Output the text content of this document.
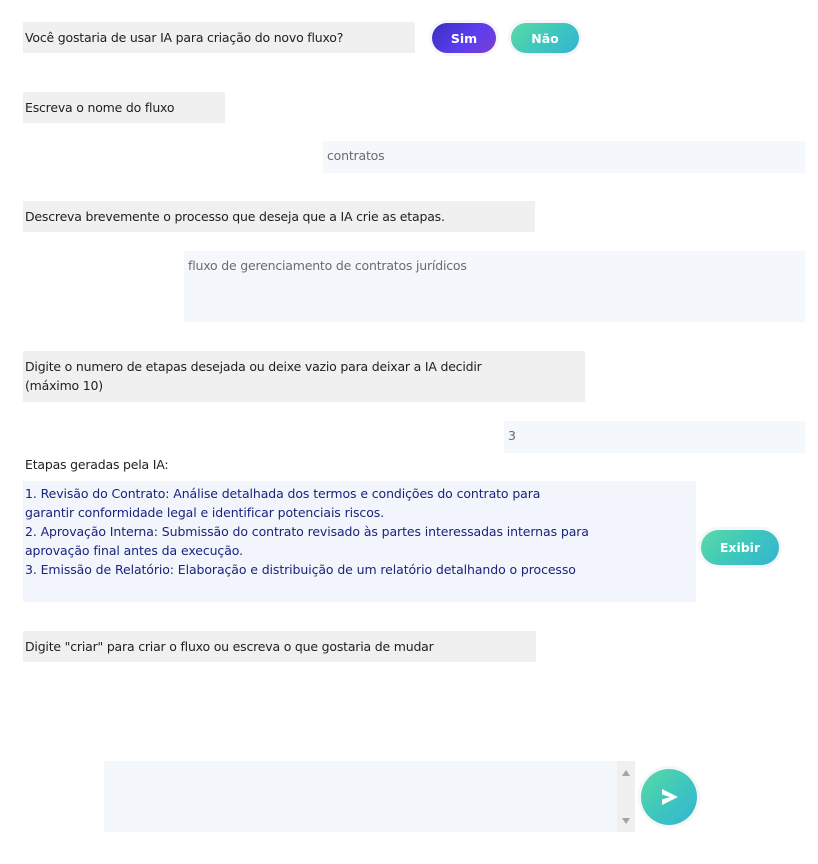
Você gostaria de usar IA para criação do novo fluxo?	Sim	Não
Escreva o nome do fluxo
contratos
Descreva brevemente o processo que deseja que a IA crie as etapas.
fluxo de gerenciamento de contratos jurídicos
Digite o numero de etapas desejada ou deixe vazio para deixar a IA decidir
(máximo 10)
3
Etapas geradas pela IA:
1. Revisão do Contrato: Análise detalhada dos termos e condições do contrato para
garantir conformidade legal e identificar potenciais riscos.
2. Aprovação Interna: Submissão do contrato revisado às partes interessadas internas para
aprovação final antes da execução.
3. Emissão de Relatório: Elaboração e distribuição de um relatório detalhando o processo
Exibir
Digite "criar" para criar o fluxo ou escreva o que gostaria de mudar
